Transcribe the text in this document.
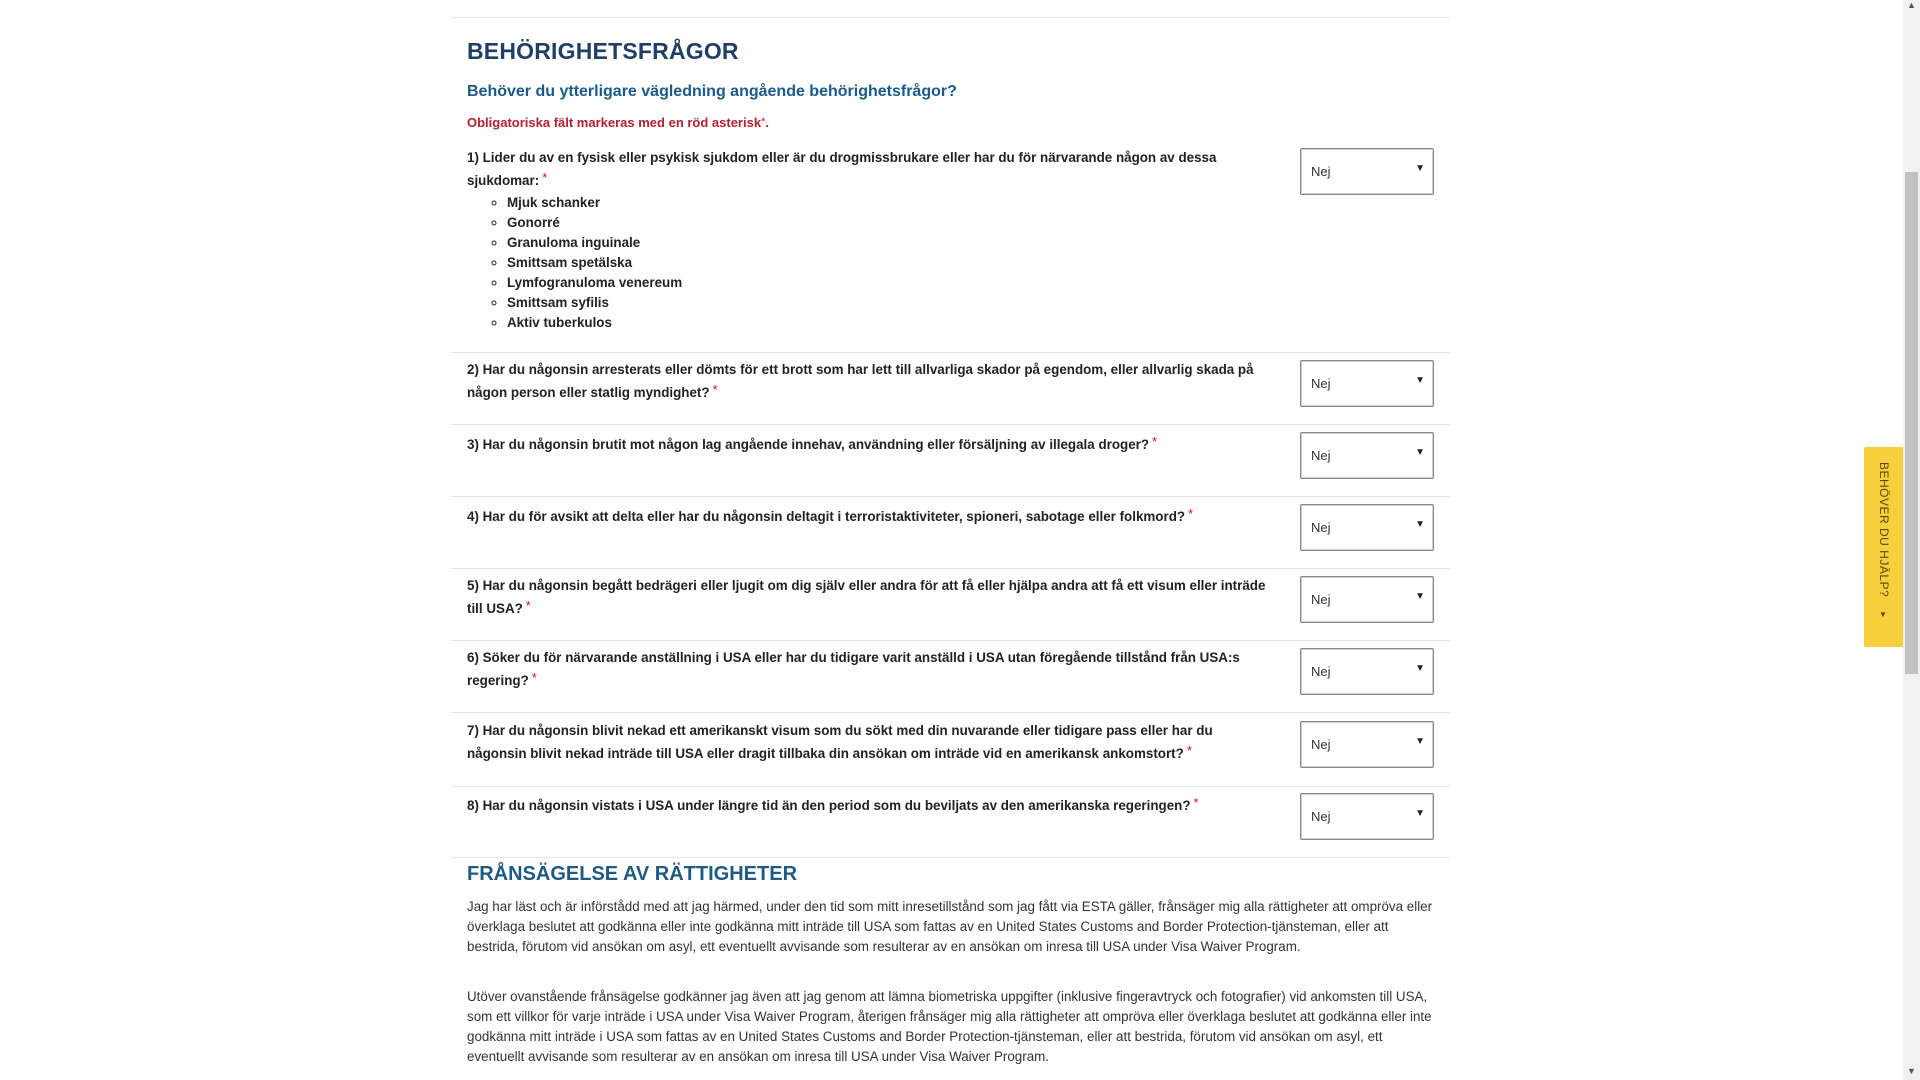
BEHÖRIGHETSFRÅGOR
Behöver du ytterligare vägledning angående behörighetsfrågor?
Obligatoriska fält markeras med en röd asterisk*.
1) Lider du av en fysisk eller psykisk sjukdom eller är du drogmissbrukare eller har du för närvarande någon av dessa sjukdomar: *
◦ Mjuk schanker
◦ Gonorré
◦ Granuloma inguinale
◦ Smittsam spetälska
◦ Lymfogranuloma venereum
◦ Smittsam syfilis
◦ Aktiv tuberkulos
Nej	▼
2) Har du någonsin arresterats eller dömts för ett brott som har lett till allvarliga skador på egendom, eller allvarlig skada på någon person eller statlig myndighet? *	Nej	▼
3) Har du någonsin brutit mot någon lag angående innehav, användning eller försäljning av illegala droger? *
Nej	▼
4) Har du för avsikt att delta eller har du någonsin deltagit i terroristaktiviteter, spioneri, sabotage eller folkmord? *
Nej	▼
5) Har du någonsin begått bedrägeri eller ljugit om dig själv eller andra för att få eller hjälpa andra att få ett visum eller inträde till USA? *	Nej	▼
6) Söker du för närvarande anställning i USA eller har du tidigare varit anställd i USA utan föregående tillstånd från USA:s regering? *	Nej	▼
7) Har du någonsin blivit nekad ett amerikanskt visum som du sökt med din nuvarande eller tidigare pass eller har du någonsin blivit nekad inträde till USA eller dragit tillbaka din ansökan om inträde vid en amerikansk ankomstort? *	Nej	▼
8) Har du någonsin vistats i USA under längre tid än den period som du beviljats av den amerikanska regeringen? *
Nej	▼
FRÅNSÄGELSE AV RÄTTIGHETER

Jag har läst och är införstådd med att jag härmed, under den tid som mitt inresetillstånd som jag fått via ESTA gäller, frånsäger mig alla rättigheter att ompröva eller överklaga beslutet att godkänna eller inte godkänna mitt inträde till USA som fattas av en United States Customs and Border Protection-tjänsteman, eller att bestrida, förutom vid ansökan om asyl, ett eventuellt avvisande som resulterar av en ansökan om inresa till USA under Visa Waiver Program.

Utöver ovanstående frånsägelse godkänner jag även att jag genom att lämna biometriska uppgifter (inklusive fingeravtryck och fotografier) vid ankomsten till USA, som ett villkor för varje inträde i USA under Visa Waiver Program, återigen frånsäger mig alla rättigheter att ompröva eller överklaga beslutet att godkänna eller inte godkänna mitt inträde i USA som fattas av en United States Customs and Border Protection-tjänsteman, eller att bestrida, förutom vid ansökan om asyl, ett eventuellt avvisande som resulterar av en ansökan om inresa till USA under Visa Waiver Program.

BEHÖVER DU HJÄLP?
▼
▲
▼
